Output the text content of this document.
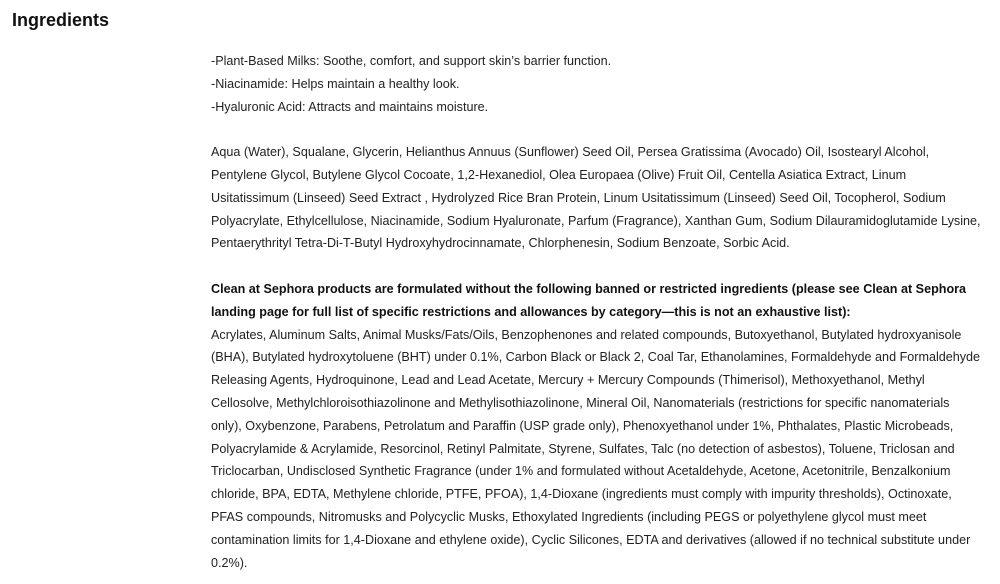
Ingredients

-Plant-Based Milks: Soothe, comfort, and support skin’s barrier function.
-Niacinamide: Helps maintain a healthy look.
-Hyaluronic Acid: Attracts and maintains moisture.

Aqua (Water), Squalane, Glycerin, Helianthus Annuus (Sunflower) Seed Oil, Persea Gratissima (Avocado) Oil, Isostearyl Alcohol, Pentylene Glycol, Butylene Glycol Cocoate, 1,2-Hexanediol, Olea Europaea (Olive) Fruit Oil, Centella Asiatica Extract, Linum Usitatissimum (Linseed) Seed Extract , Hydrolyzed Rice Bran Protein, Linum Usitatissimum (Linseed) Seed Oil, Tocopherol, Sodium Polyacrylate, Ethylcellulose, Niacinamide, Sodium Hyaluronate, Parfum (Fragrance), Xanthan Gum, Sodium Dilauramidoglutamide Lysine, Pentaerythrityl Tetra-Di-T-Butyl Hydroxyhydrocinnamate, Chlorphenesin, Sodium Benzoate, Sorbic Acid.

Clean at Sephora products are formulated without the following banned or restricted ingredients (please see Clean at Sephora landing page for full list of specific restrictions and allowances by category—this is not an exhaustive list):
Acrylates, Aluminum Salts, Animal Musks/Fats/Oils, Benzophenones and related compounds, Butoxyethanol, Butylated hydroxyanisole (BHA), Butylated hydroxytoluene (BHT) under 0.1%, Carbon Black or Black 2, Coal Tar, Ethanolamines, Formaldehyde and Formaldehyde Releasing Agents, Hydroquinone, Lead and Lead Acetate, Mercury + Mercury Compounds (Thimerisol), Methoxyethanol, Methyl Cellosolve, Methylchloroisothiazolinone and Methylisothiazolinone, Mineral Oil, Nanomaterials (restrictions for specific nanomaterials only), Oxybenzone, Parabens, Petrolatum and Paraffin (USP grade only), Phenoxyethanol under 1%, Phthalates, Plastic Microbeads, Polyacrylamide & Acrylamide, Resorcinol, Retinyl Palmitate, Styrene, Sulfates, Talc (no detection of asbestos), Toluene, Triclosan and Triclocarban, Undisclosed Synthetic Fragrance (under 1% and formulated without Acetaldehyde, Acetone, Acetonitrile, Benzalkonium chloride, BPA, EDTA, Methylene chloride, PTFE, PFOA), 1,4-Dioxane (ingredients must comply with impurity thresholds), Octinoxate, PFAS compounds, Nitromusks and Polycyclic Musks, Ethoxylated Ingredients (including PEGS or polyethylene glycol must meet contamination limits for 1,4-Dioxane and ethylene oxide), Cyclic Silicones, EDTA and derivatives (allowed if no technical substitute under 0.2%).
